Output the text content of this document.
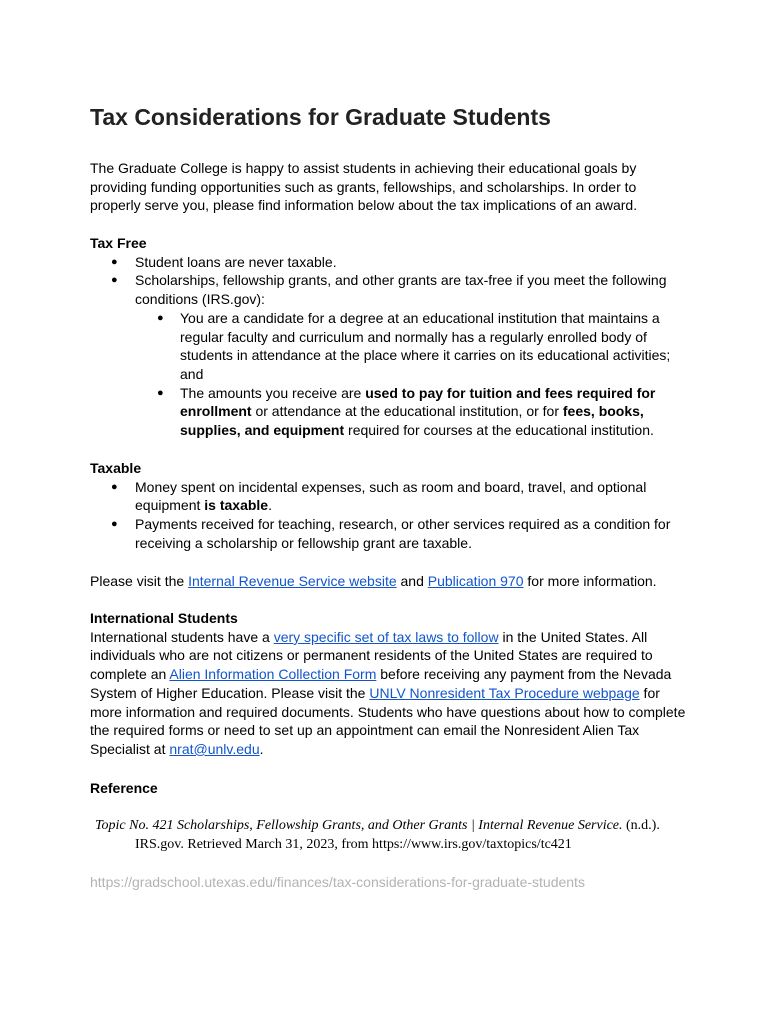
Tax Considerations for Graduate Students

The Graduate College is happy to assist students in achieving their educational goals by providing funding opportunities such as grants, fellowships, and scholarships. In order to properly serve you, please find information below about the tax implications of an award.

Tax Free
● Student loans are never taxable.
● Scholarships, fellowship grants, and other grants are tax-free if you meet the following conditions (IRS.gov):
● You are a candidate for a degree at an educational institution that maintains a regular faculty and curriculum and normally has a regularly enrolled body of students in attendance at the place where it carries on its educational activities; and
● The amounts you receive are used to pay for tuition and fees required for enrollment or attendance at the educational institution, or for fees, books, supplies, and equipment required for courses at the educational institution.
Taxable
● Money spent on incidental expenses, such as room and board, travel, and optional equipment is taxable.
● Payments received for teaching, research, or other services required as a condition for receiving a scholarship or fellowship grant are taxable.
Please visit the Internal Revenue Service website and Publication 970 for more information.
International Students
International students have a very specific set of tax laws to follow in the United States. All individuals who are not citizens or permanent residents of the United States are required to complete an Alien Information Collection Form before receiving any payment from the Nevada System of Higher Education. Please visit the UNLV Nonresident Tax Procedure webpage for more information and required documents. Students who have questions about how to complete the required forms or need to set up an appointment can email the Nonresident Alien Tax Specialist at nrat@unlv.edu.
Reference
Topic No. 421 Scholarships, Fellowship Grants, and Other Grants | Internal Revenue Service. (n.d.).
IRS.gov. Retrieved March 31, 2023, from https://www.irs.gov/taxtopics/tc421
https://gradschool.utexas.edu/finances/tax-considerations-for-graduate-students
